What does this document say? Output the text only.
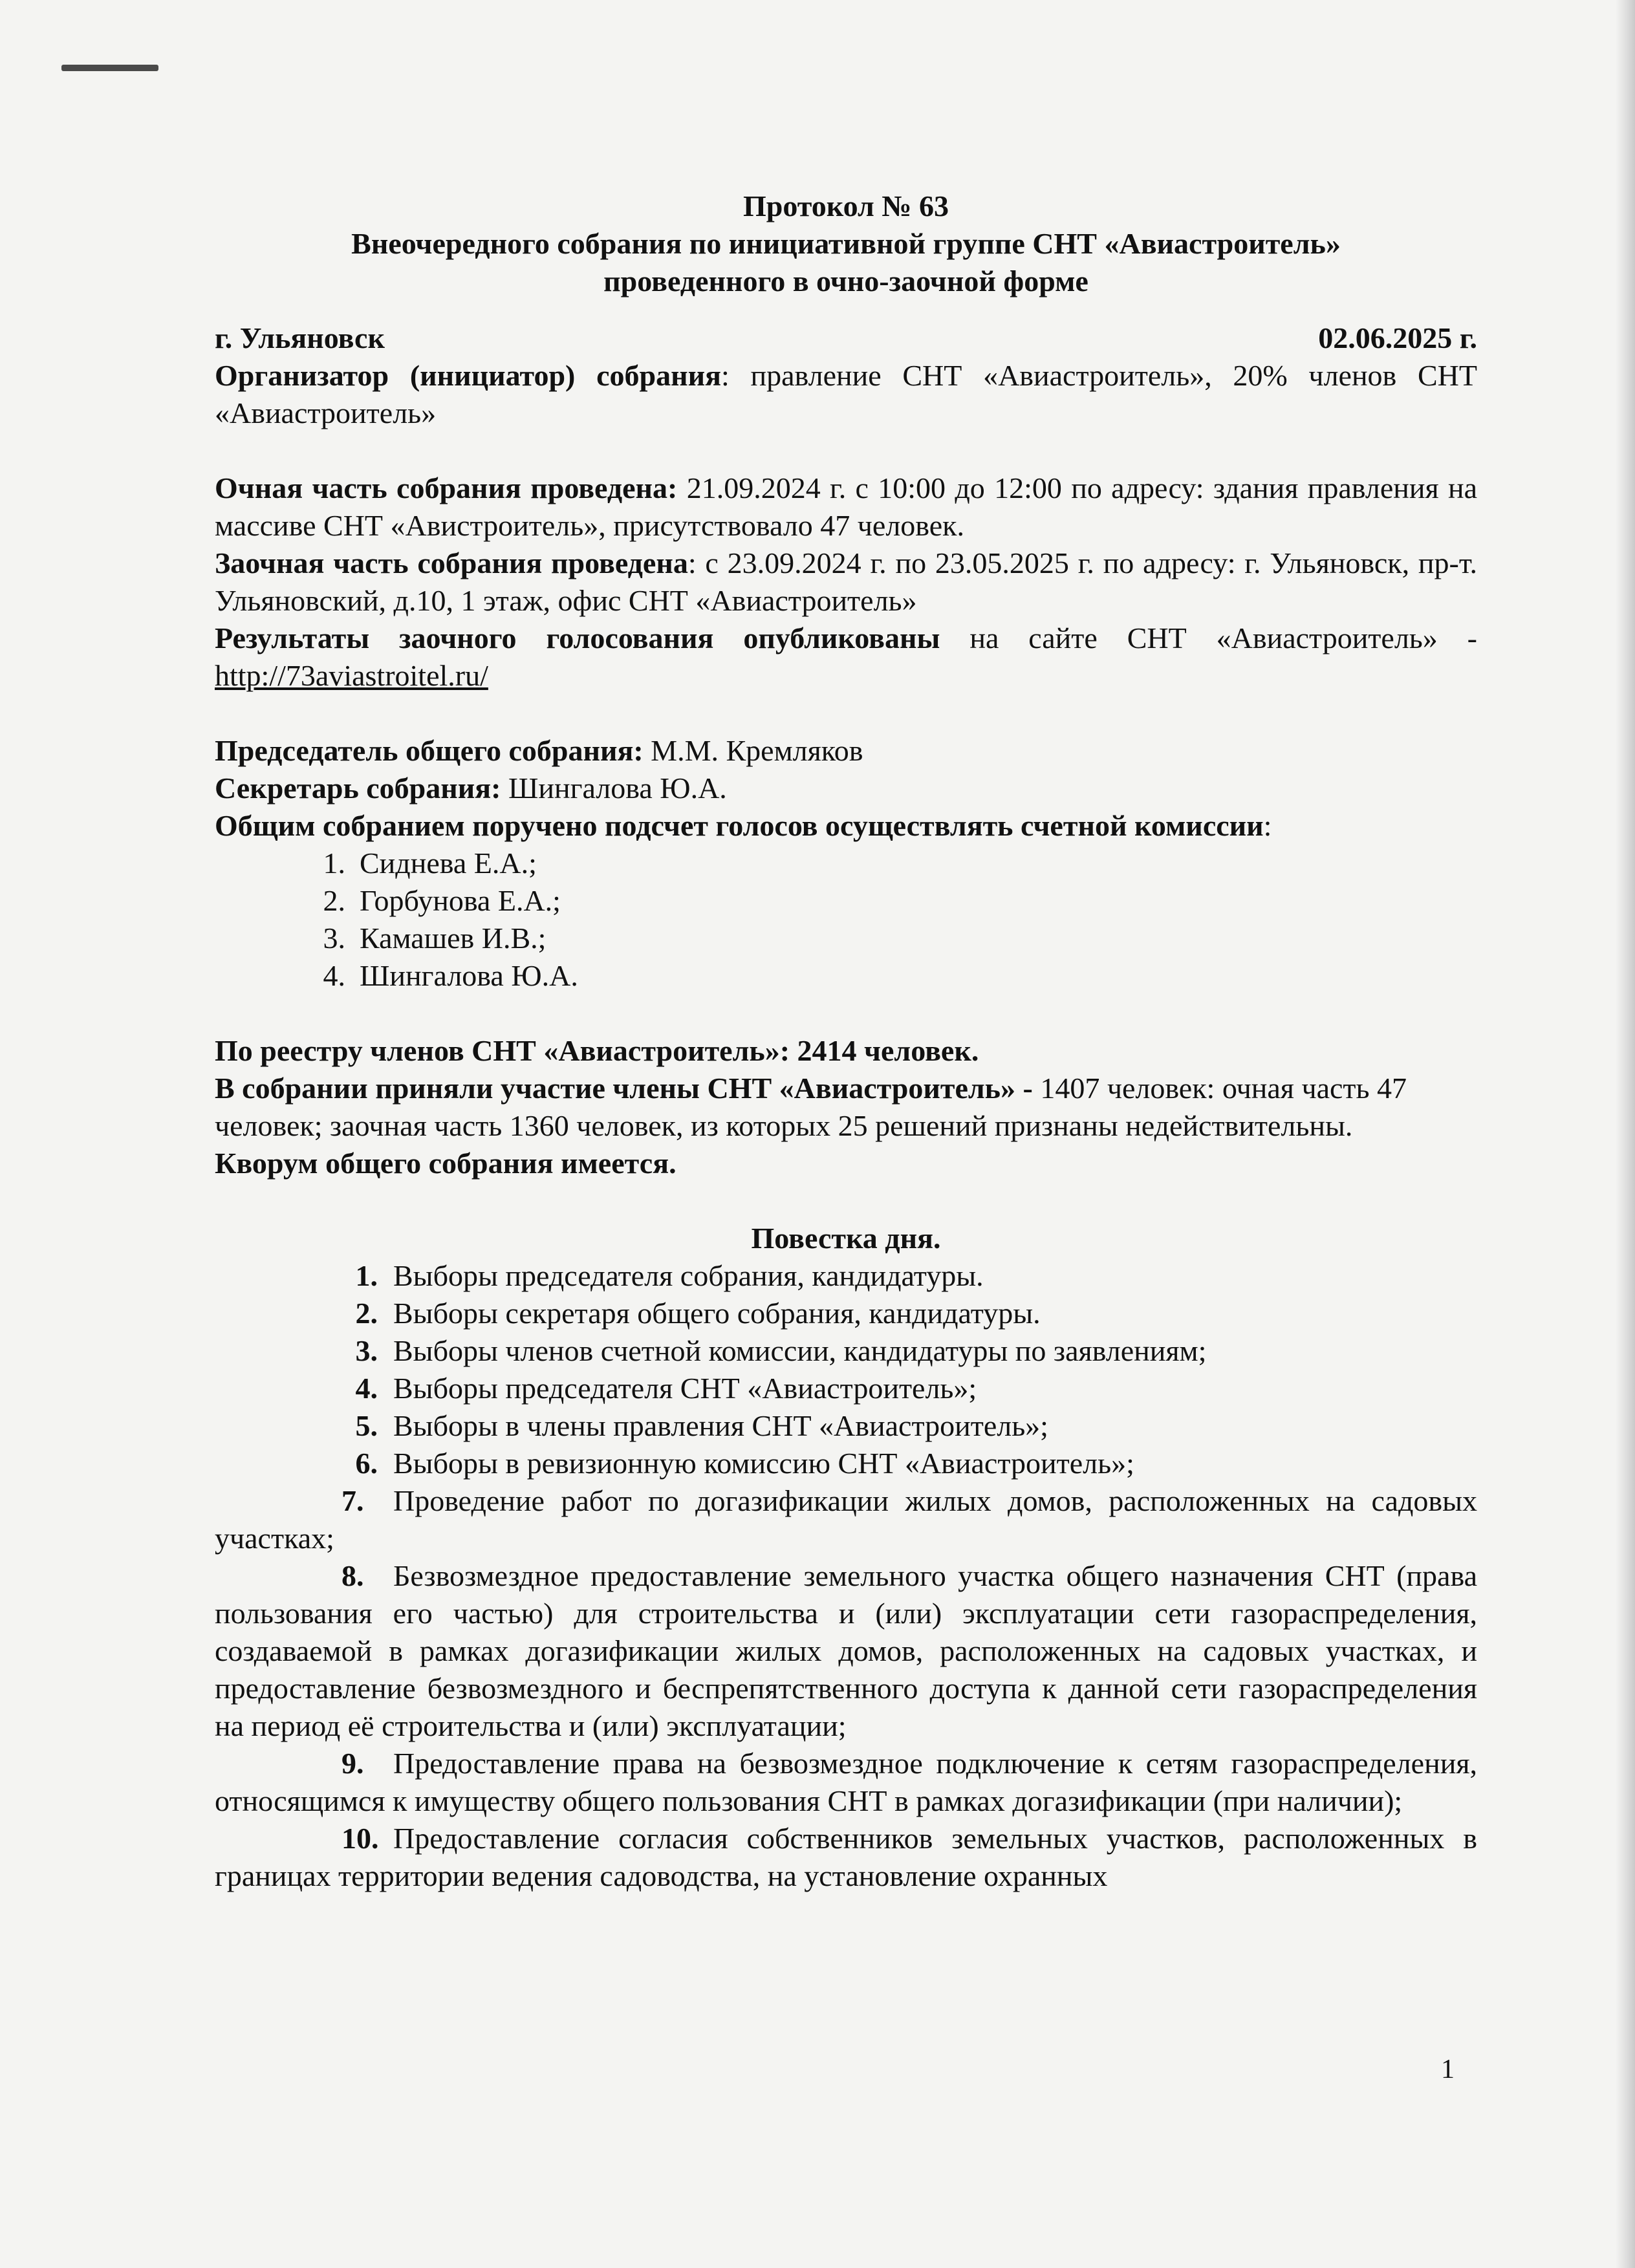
Протокол № 63

Внеочередного собрания по инициативной группе СНТ «Авиастроитель»

проведенного в очно-заочной форме

г. Ульяновск	02.06.2025 г.

Организатор (инициатор) собрания: правление СНТ «Авиастроитель», 20% членов СНТ «Авиастроитель»

Очная часть собрания проведена: 21.09.2024 г. с 10:00 до 12:00 по адресу: здания правления на массиве СНТ «Авистроитель», присутствовало 47 человек.

Заочная часть собрания проведена: с 23.09.2024 г. по 23.05.2025 г. по адресу: г. Ульяновск, пр-т. Ульяновский, д.10, 1 этаж, офис СНТ «Авиастроитель»

Результаты заочного голосования опубликованы на сайте СНТ «Авиастроитель» - http://73aviastroitel.ru/

Председатель общего собрания: М.М. Кремляков

Секретарь собрания: Шингалова Ю.А.

Общим собранием поручено подсчет голосов осуществлять счетной комиссии:

1. Сиднева Е.А.;
2. Горбунова Е.А.;
3. Камашев И.В.;
4. Шингалова Ю.А.

По реестру членов СНТ «Авиастроитель»: 2414 человек.

В собрании приняли участие члены СНТ «Авиастроитель» - 1407 человек: очная часть 47 человек; заочная часть 1360 человек, из которых 25 решений признаны недействительны.

Кворум общего собрания имеется.

Повестка дня.

1. Выборы председателя собрания, кандидатуры.
2. Выборы секретаря общего собрания, кандидатуры.
3. Выборы членов счетной комиссии, кандидатуры по заявлениям;
4. Выборы председателя СНТ «Авиастроитель»;
5. Выборы в члены правления СНТ «Авиастроитель»;
6. Выборы в ревизионную комиссию СНТ «Авиастроитель»;

7. Проведение работ по догазификации жилых домов, расположенных на садовых участках;

8. Безвозмездное предоставление земельного участка общего назначения СНТ (права пользования его частью) для строительства и (или) эксплуатации сети газораспределения, создаваемой в рамках догазификации жилых домов, расположенных на садовых участках, и предоставление безвозмездного и беспрепятственного доступа к данной сети газораспределения на период её строительства и (или) эксплуатации;

9. Предоставление права на безвозмездное подключение к сетям газораспределения, относящимся к имуществу общего пользования СНТ в рамках догазификации (при наличии);

10. Предоставление согласия собственников земельных участков, расположенных в границах территории ведения садоводства, на установление охранных

1
